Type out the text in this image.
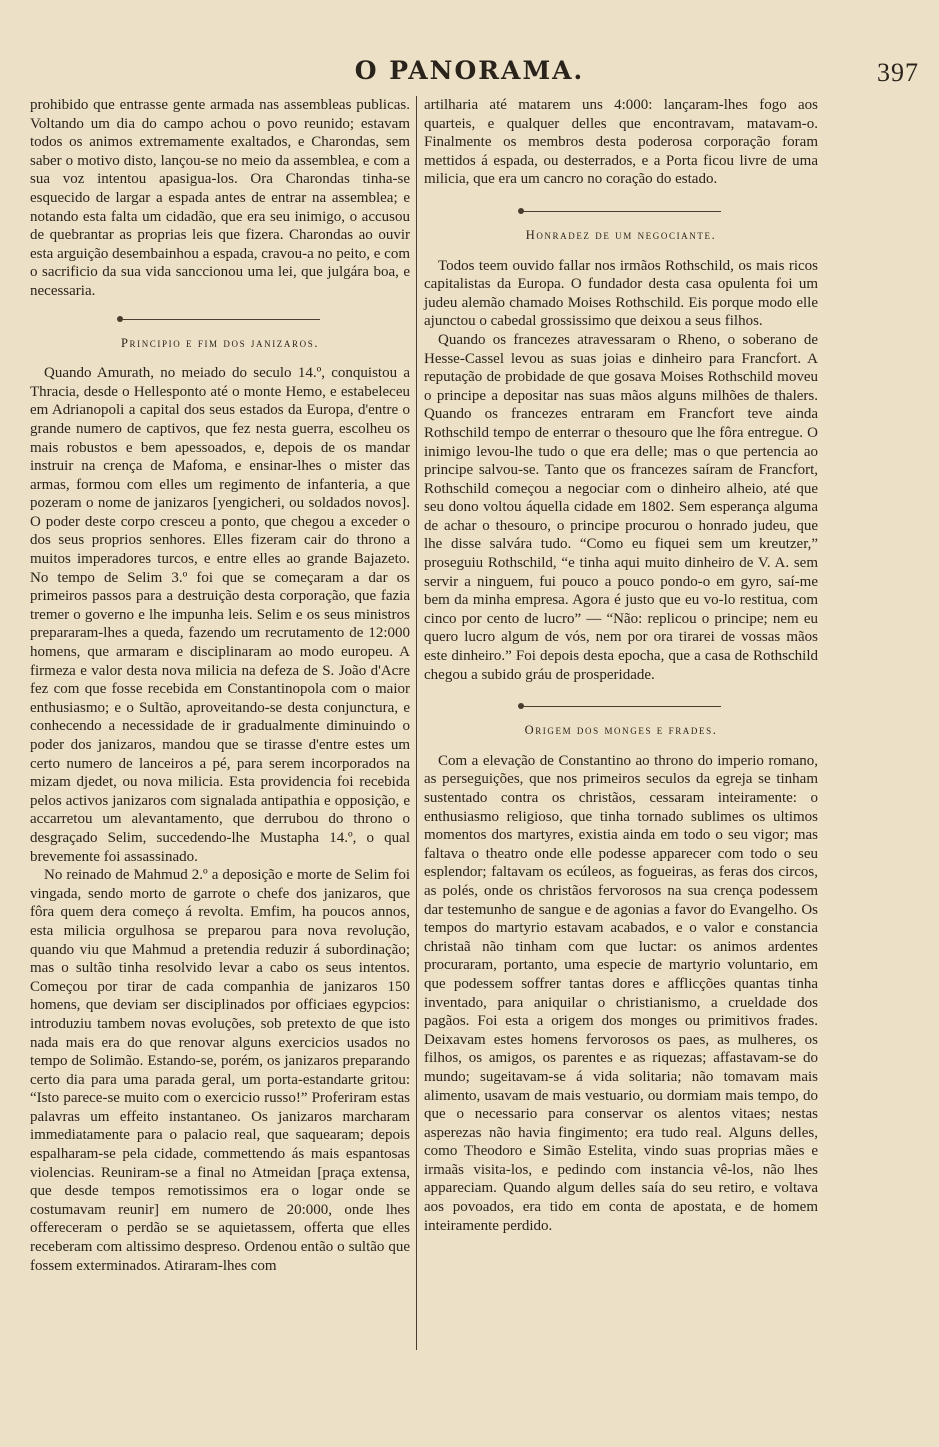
O PANORAMA.	397

prohibido que entrasse gente armada nas assembleas publicas. Voltando um dia do campo achou o povo reunido; estavam todos os animos extremamente exaltados, e Charondas, sem saber o motivo disto, lançou-se no meio da assemblea, e com a sua voz intentou apasigua-los. Ora Charondas tinha-se esquecido de largar a espada antes de entrar na assemblea; e notando esta falta um cidadão, que era seu inimigo, o accusou de quebrantar as proprias leis que fizera. Charondas ao ouvir esta arguição desembainhou a espada, cravou-a no peito, e com o sacrificio da sua vida sanccionou uma lei, que julgára boa, e necessaria.

Principio e fim dos janizaros.

Quando Amurath, no meiado do seculo 14.º, conquistou a Thracia, desde o Hellesponto até o monte Hemo, e estabeleceu em Adrianopoli a capital dos seus estados da Europa, d'entre o grande numero de captivos, que fez nesta guerra, escolheu os mais robustos e bem apessoados, e, depois de os mandar instruir na crença de Mafoma, e ensinar-lhes o mister das armas, formou com elles um regimento de infanteria, a que pozeram o nome de janizaros [yengicheri, ou soldados novos]. O poder deste corpo cresceu a ponto, que chegou a exceder o dos seus proprios senhores. Elles fizeram cair do throno a muitos imperadores turcos, e entre elles ao grande Bajazeto. No tempo de Selim 3.º foi que se começaram a dar os primeiros passos para a destruição desta corporação, que fazia tremer o governo e lhe impunha leis. Selim e os seus ministros prepararam-lhes a queda, fazendo um recrutamento de 12:000 homens, que armaram e disciplinaram ao modo europeu. A firmeza e valor desta nova milicia na defeza de S. João d'Acre fez com que fosse recebida em Constantinopola com o maior enthusiasmo; e o Sultão, aproveitando-se desta conjunctura, e conhecendo a necessidade de ir gradualmente diminuindo o poder dos janizaros, mandou que se tirasse d'entre estes um certo numero de lanceiros a pé, para serem incorporados na mizam djedet, ou nova milicia. Esta providencia foi recebida pelos activos janizaros com signalada antipathia e opposição, e accarretou um alevantamento, que derrubou do throno o desgraçado Selim, succedendo-lhe Mustapha 14.º, o qual brevemente foi assassinado.

No reinado de Mahmud 2.º a deposição e morte de Selim foi vingada, sendo morto de garrote o chefe dos janizaros, que fôra quem dera começo á revolta. Emfim, ha poucos annos, esta milicia orgulhosa se preparou para nova revolução, quando viu que Mahmud a pretendia reduzir á subordinação; mas o sultão tinha resolvido levar a cabo os seus intentos. Começou por tirar de cada companhia de janizaros 150 homens, que deviam ser disciplinados por officiaes egypcios: introduziu tambem novas evoluções, sob pretexto de que isto nada mais era do que renovar alguns exercicios usados no tempo de Solimão. Estando-se, porém, os janizaros preparando certo dia para uma parada geral, um porta-estandarte gritou: “Isto parece-se muito com o exercicio russo!” Proferiram estas palavras um effeito instantaneo. Os janizaros marcharam immediatamente para o palacio real, que saquearam; depois espalharam-se pela cidade, commettendo ás mais espantosas violencias. Reuniram-se a final no Atmeidan [praça extensa, que desde tempos remotissimos era o logar onde se costumavam reunir] em numero de 20:000, onde lhes offereceram o perdão se se aquietassem, offerta que elles receberam com altissimo despreso. Ordenou então o sultão que fossem exterminados. Atiraram-lhes com

artilharia até matarem uns 4:000: lançaram-lhes fogo aos quarteis, e qualquer delles que encontravam, matavam-o. Finalmente os membros desta poderosa corporação foram mettidos á espada, ou desterrados, e a Porta ficou livre de uma milicia, que era um cancro no coração do estado.

Honradez de um negociante.

Todos teem ouvido fallar nos irmãos Rothschild, os mais ricos capitalistas da Europa. O fundador desta casa opulenta foi um judeu alemão chamado Moises Rothschild. Eis porque modo elle ajunctou o cabedal grossissimo que deixou a seus filhos.

Quando os francezes atravessaram o Rheno, o soberano de Hesse-Cassel levou as suas joias e dinheiro para Francfort. A reputação de probidade de que gosava Moises Rothschild moveu o principe a depositar nas suas mãos alguns milhões de thalers. Quando os francezes entraram em Francfort teve ainda Rothschild tempo de enterrar o thesouro que lhe fôra entregue. O inimigo levou-lhe tudo o que era delle; mas o que pertencia ao principe salvou-se. Tanto que os francezes saíram de Francfort, Rothschild começou a negociar com o dinheiro alheio, até que seu dono voltou áquella cidade em 1802. Sem esperança alguma de achar o thesouro, o principe procurou o honrado judeu, que lhe disse salvára tudo. “Como eu fiquei sem um kreutzer,” proseguiu Rothschild, “e tinha aqui muito dinheiro de V. A. sem servir a ninguem, fui pouco a pouco pondo-o em gyro, saí-me bem da minha empresa. Agora é justo que eu vo-lo restitua, com cinco por cento de lucro” — “Não: replicou o principe; nem eu quero lucro algum de vós, nem por ora tirarei de vossas mãos este dinheiro.” Foi depois desta epocha, que a casa de Rothschild chegou a subido gráu de prosperidade.

Origem dos monges e frades.

Com a elevação de Constantino ao throno do imperio romano, as perseguições, que nos primeiros seculos da egreja se tinham sustentado contra os christãos, cessaram inteiramente: o enthusiasmo religioso, que tinha tornado sublimes os ultimos momentos dos martyres, existia ainda em todo o seu vigor; mas faltava o theatro onde elle podesse apparecer com todo o seu esplendor; faltavam os ecúleos, as fogueiras, as feras dos circos, as polés, onde os christãos fervorosos na sua crença podessem dar testemunho de sangue e de agonias a favor do Evangelho. Os tempos do martyrio estavam acabados, e o valor e constancia christaã não tinham com que luctar: os animos ardentes procuraram, portanto, uma especie de martyrio voluntario, em que podessem soffrer tantas dores e afflicções quantas tinha inventado, para aniquilar o christianismo, a crueldade dos pagãos. Foi esta a origem dos monges ou primitivos frades. Deixavam estes homens fervorosos os paes, as mulheres, os filhos, os amigos, os parentes e as riquezas; affastavam-se do mundo; sugeitavam-se á vida solitaria; não tomavam mais alimento, usavam de mais vestuario, ou dormiam mais tempo, do que o necessario para conservar os alentos vitaes; nestas asperezas não havia fingimento; era tudo real. Alguns delles, como Theodoro e Simão Estelita, vindo suas proprias mães e irmaãs visita-los, e pedindo com instancia vê-los, não lhes appareciam. Quando algum delles saía do seu retiro, e voltava aos povoados, era tido em conta de apostata, e de homem inteiramente perdido.
